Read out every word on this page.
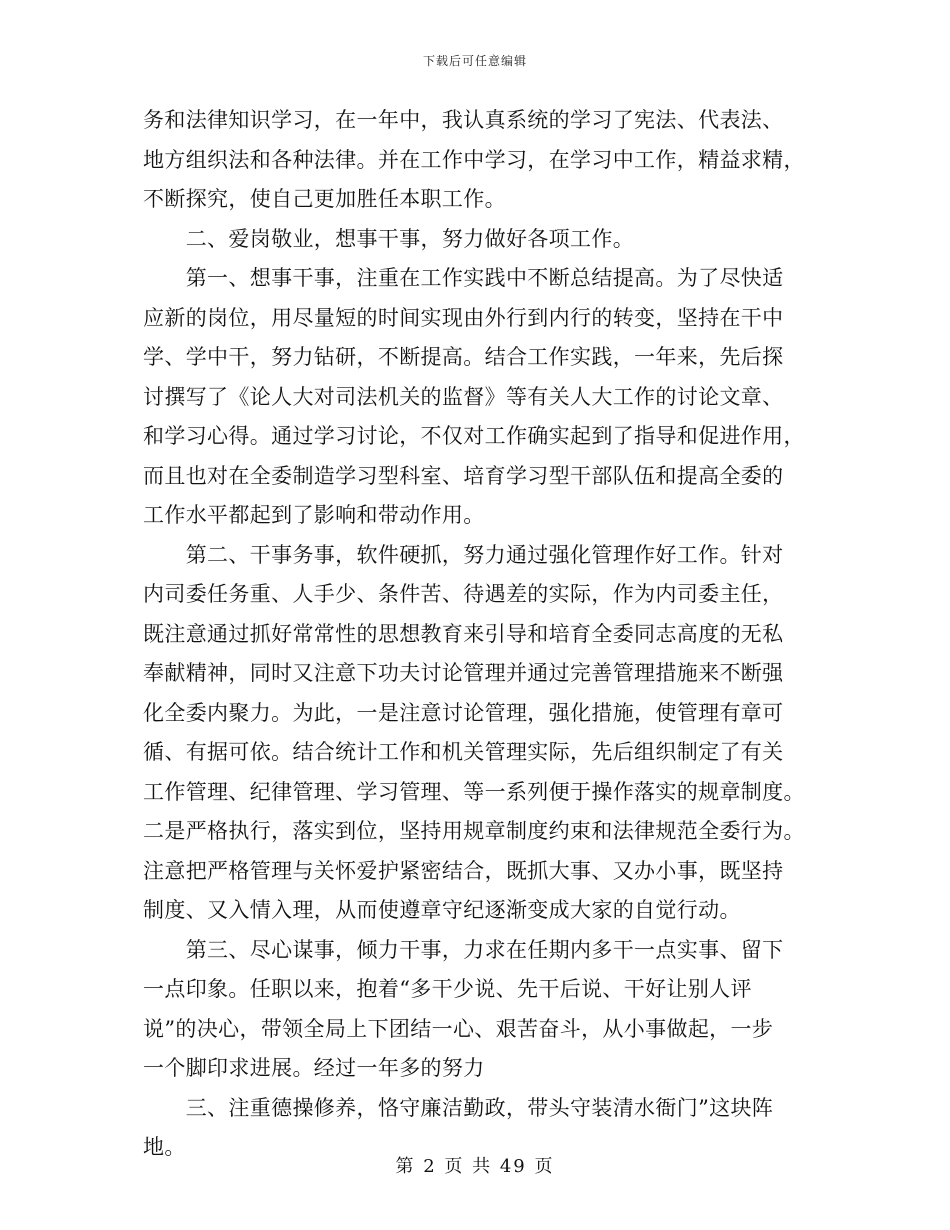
下载后可任意编辑
务和法律知识学习，在一年中，我认真系统的学习了宪法、代表法、
地方组织法和各种法律。并在工作中学习，在学习中工作，精益求精，
不断探究，使自己更加胜任本职工作。
　　二、爱岗敬业，想事干事，努力做好各项工作。
　　第一、想事干事，注重在工作实践中不断总结提高。为了尽快适
应新的岗位，用尽量短的时间实现由外行到内行的转变，坚持在干中
学、学中干，努力钻研，不断提高。结合工作实践，一年来，先后探
讨撰写了《论人大对司法机关的监督》等有关人大工作的讨论文章、
和学习心得。通过学习讨论，不仅对工作确实起到了指导和促进作用，
而且也对在全委制造学习型科室、培育学习型干部队伍和提高全委的
工作水平都起到了影响和带动作用。
　　第二、干事务事，软件硬抓，努力通过强化管理作好工作。针对
内司委任务重、人手少、条件苦、待遇差的实际，作为内司委主任，
既注意通过抓好常常性的思想教育来引导和培育全委同志高度的无私
奉献精神，同时又注意下功夫讨论管理并通过完善管理措施来不断强
化全委内聚力。为此，一是注意讨论管理，强化措施，使管理有章可
循、有据可依。结合统计工作和机关管理实际，先后组织制定了有关
工作管理、纪律管理、学习管理、等一系列便于操作落实的规章制度。
二是严格执行，落实到位，坚持用规章制度约束和法律规范全委行为。
注意把严格管理与关怀爱护紧密结合，既抓大事、又办小事，既坚持
制度、又入情入理，从而使遵章守纪逐渐变成大家的自觉行动。
　　第三、尽心谋事，倾力干事，力求在任期内多干一点实事、留下
一点印象。任职以来，抱着“多干少说、先干后说、干好让别人评
说”的决心，带领全局上下团结一心、艰苦奋斗，从小事做起，一步
一个脚印求进展。经过一年多的努力
　　三、注重德操修养，恪守廉洁勤政，带头守装清水衙门”这块阵
地。
第 2 页 共 49 页
